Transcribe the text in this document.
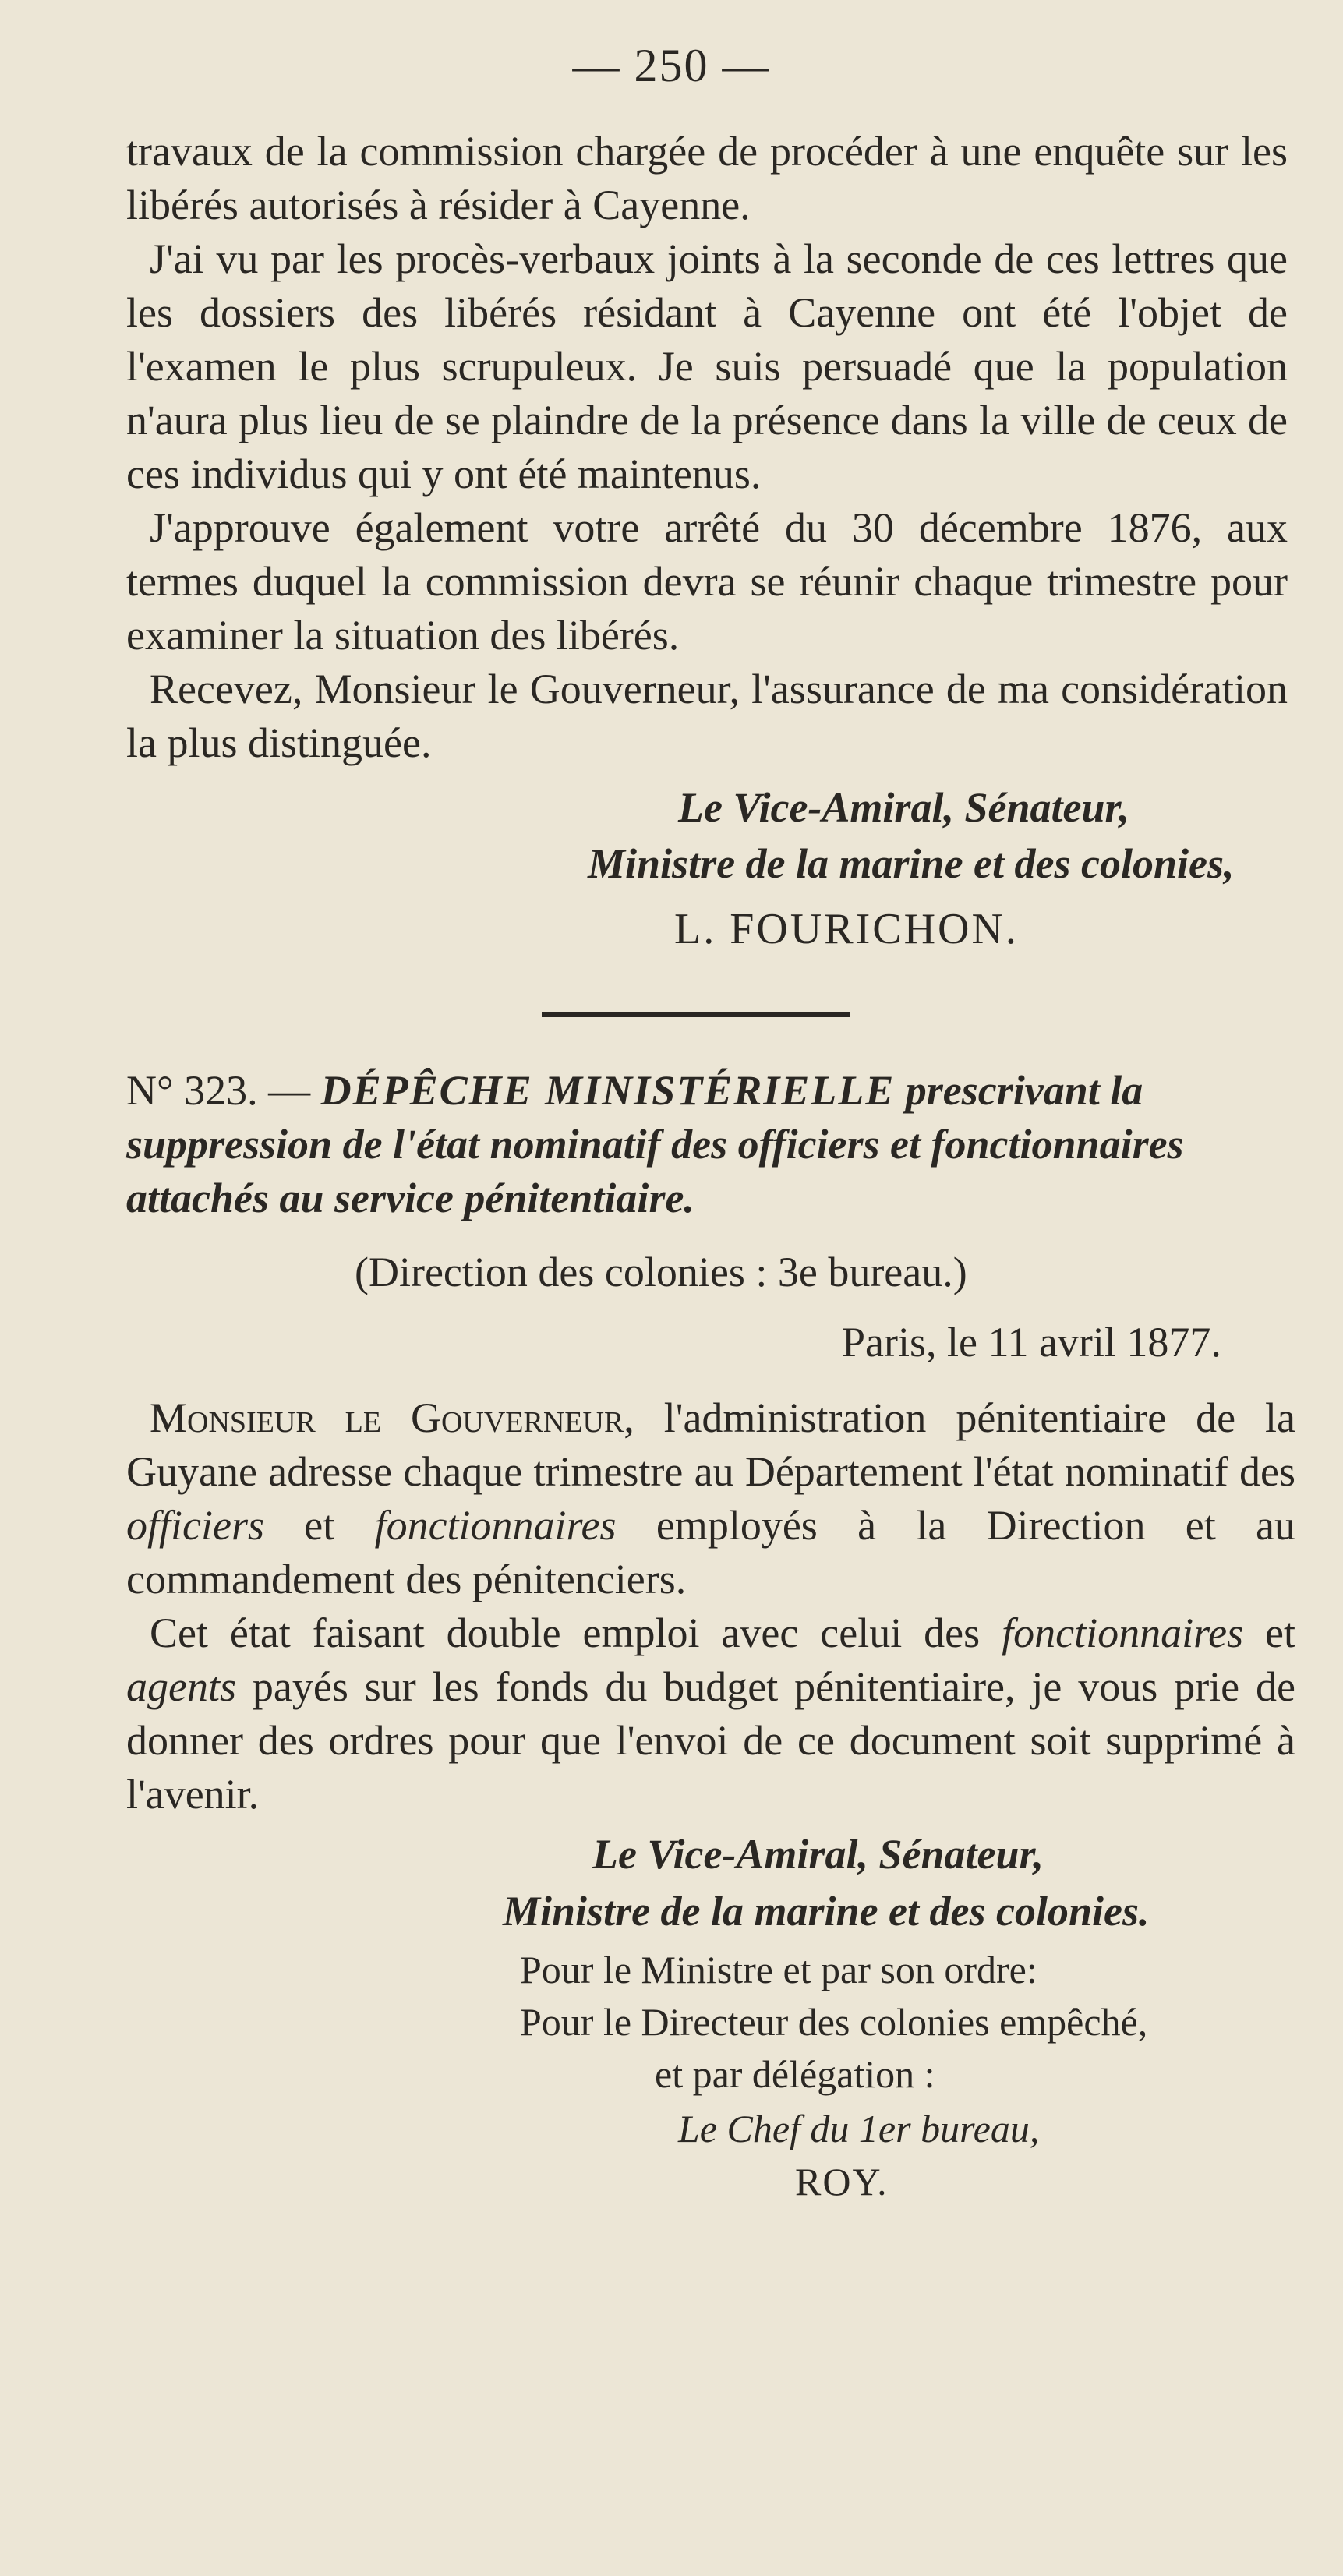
— 250 —

travaux de la commission chargée de procéder à une enquête sur les libérés autorisés à résider à Cayenne.

J'ai vu par les procès-verbaux joints à la seconde de ces lettres que les dossiers des libérés résidant à Cayenne ont été l'objet de l'examen le plus scrupuleux. Je suis persuadé que la population n'aura plus lieu de se plaindre de la présence dans la ville de ceux de ces individus qui y ont été maintenus.

J'approuve également votre arrêté du 30 décembre 1876, aux termes duquel la commission devra se réunir chaque trimestre pour examiner la situation des libérés.

Recevez, Monsieur le Gouverneur, l'assurance de ma considération la plus distinguée.

Le Vice-Amiral, Sénateur,
Ministre de la marine et des colonies,
L. FOURICHON.

N° 323. — DÉPÊCHE MINISTÉRIELLE prescrivant la suppression de l'état nominatif des officiers et fonctionnaires attachés au service pénitentiaire.

(Direction des colonies : 3e bureau.)
Paris, le 11 avril 1877.

Monsieur le Gouverneur, l'administration pénitentiaire de la Guyane adresse chaque trimestre au Département l'état nominatif des officiers et fonctionnaires employés à la Direction et au commandement des pénitenciers.

Cet état faisant double emploi avec celui des fonctionnaires et agents payés sur les fonds du budget pénitentiaire, je vous prie de donner des ordres pour que l'envoi de ce document soit supprimé à l'avenir.

Le Vice-Amiral, Sénateur,
Ministre de la marine et des colonies.
Pour le Ministre et par son ordre:
Pour le Directeur des colonies empêché,
et par délégation :
Le Chef du 1er bureau,
ROY.
